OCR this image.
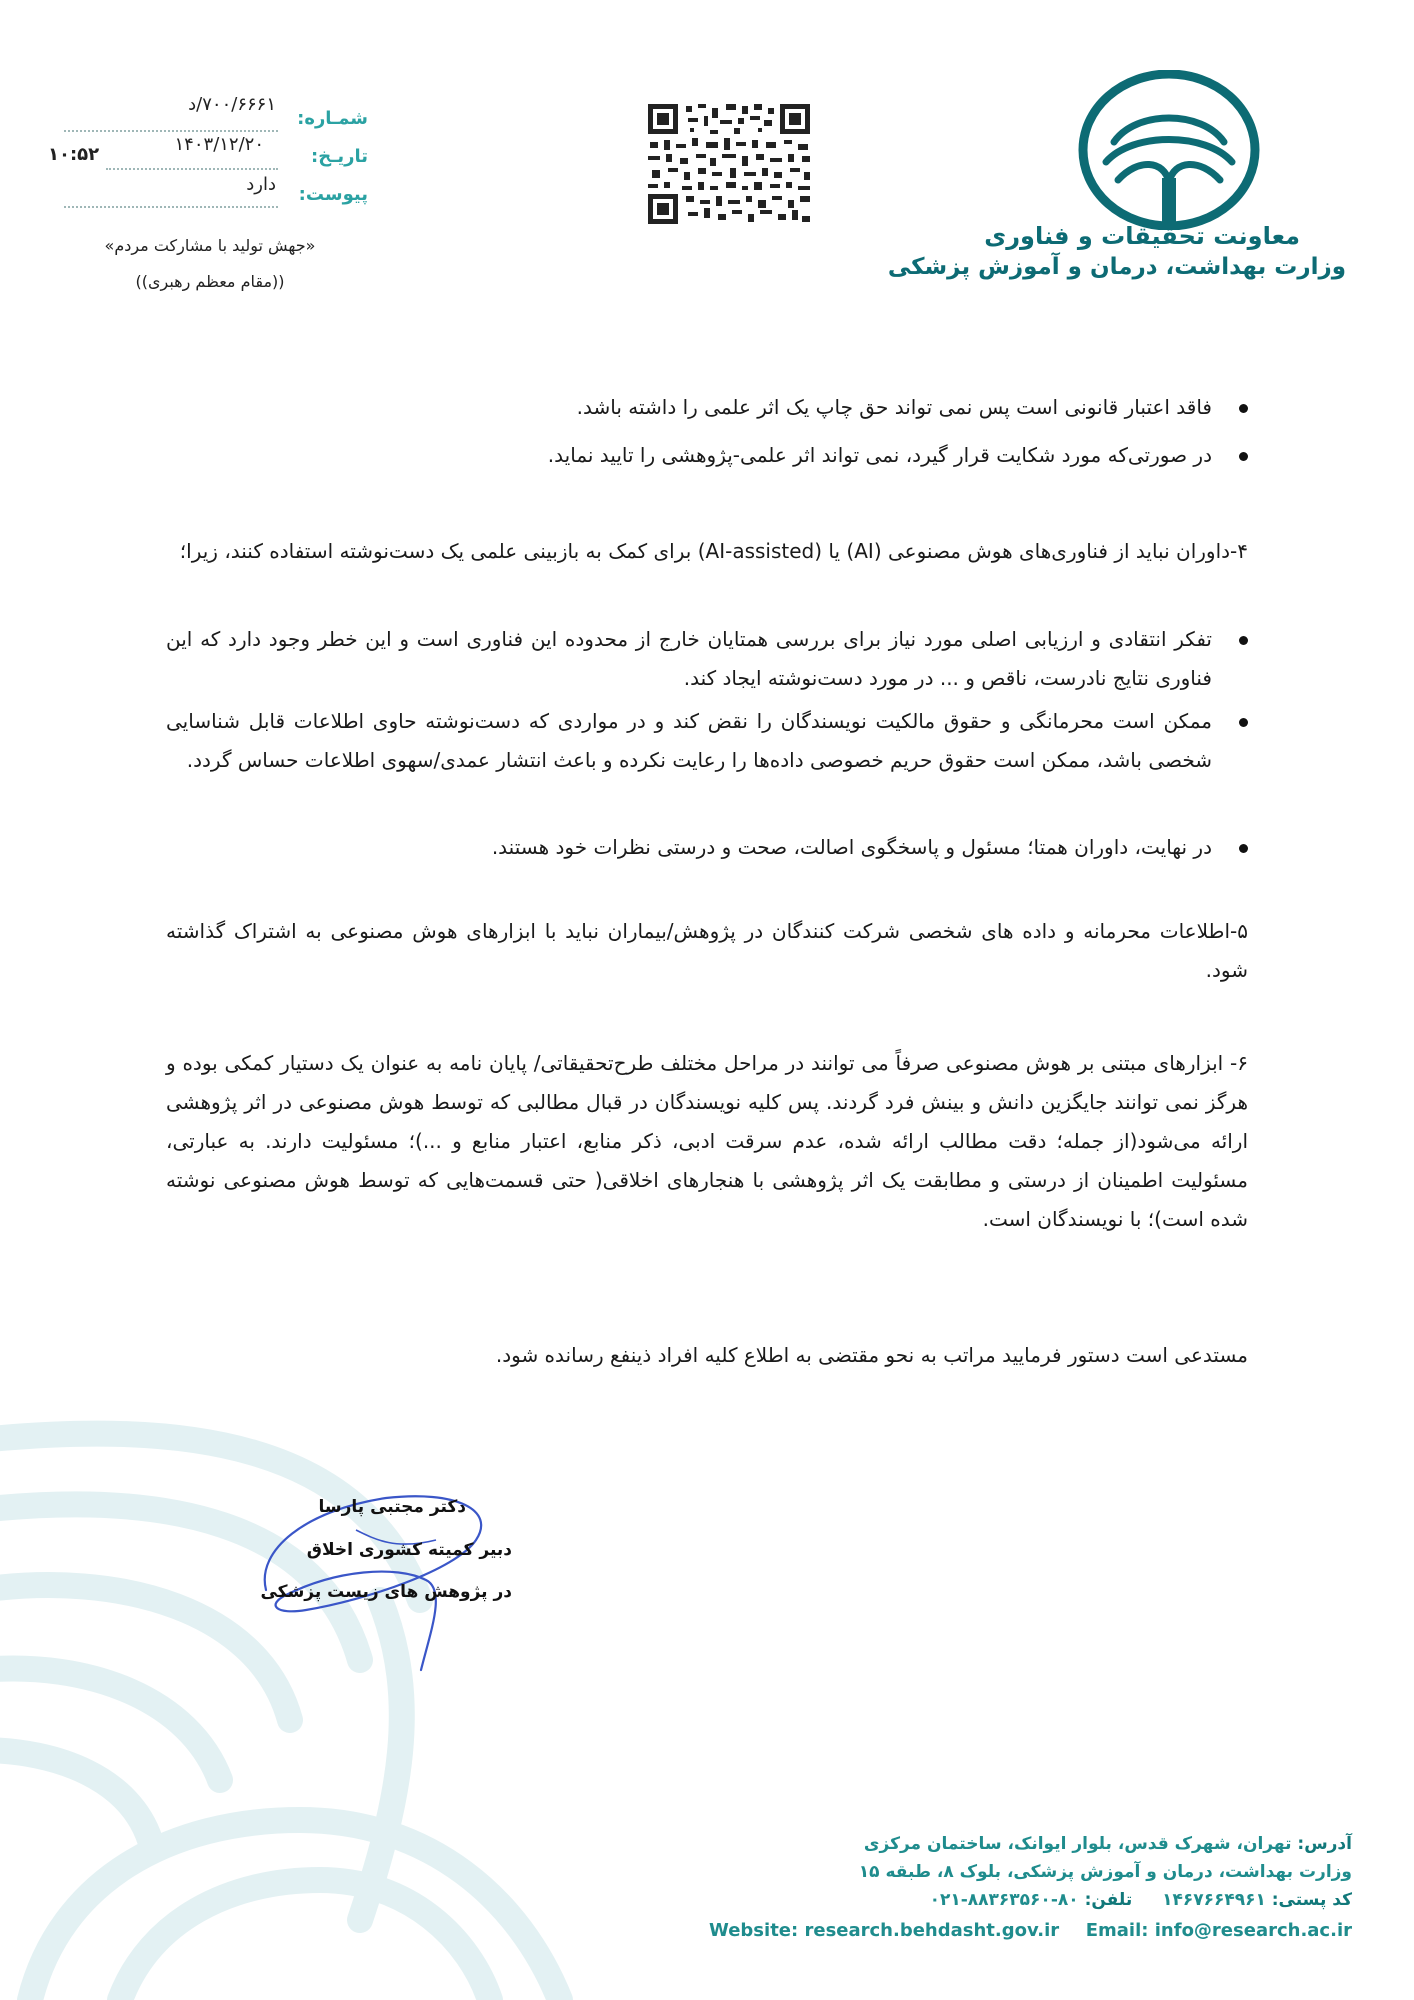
شمـاره:
۷۰۰/۶۶۶۱/د
تاریـخ:
۱۴۰۳/۱۲/۲۰
۱۰:۵۲
پیوست:
دارد
«جهش تولید با مشارکت مردم»
((مقام معظم رهبری))
معاونت تحقیقات و فناوری
وزارت بهداشت، درمان و آموزش پزشکی
فاقد اعتبار قانونی است پس نمی تواند حق چاپ یک اثر علمی را داشته باشد.
در صورتی‌که مورد شکایت قرار گیرد، نمی تواند اثر علمی-پژوهشی را تایید نماید.
۴-داوران نباید از فناوری‌های هوش مصنوعی (AI) یا (AI-assisted) برای کمک به بازبینی علمی یک دست‌نوشته استفاده کنند، زیرا؛
تفکر انتقادی و ارزیابی اصلی مورد نیاز برای بررسی همتایان خارج از محدوده این فناوری است و این خطر وجود دارد که این فناوری نتایج نادرست، ناقص و ... در مورد دست‌نوشته ایجاد کند.
ممکن است محرمانگی و حقوق مالکیت نویسندگان را نقض کند و در مواردی که دست‌نوشته حاوی اطلاعات قابل شناسایی شخصی باشد، ممکن است حقوق حریم خصوصی داده‌ها را رعایت نکرده و باعث انتشار عمدی/سهوی اطلاعات حساس گردد.
در نهایت، داوران همتا؛ مسئول و پاسخگوی اصالت، صحت و درستی نظرات خود هستند.
۵-اطلاعات محرمانه و داده های شخصی شرکت کنندگان در پژوهش/بیماران نباید با ابزارهای هوش مصنوعی به اشتراک گذاشته شود.
۶- ابزارهای مبتنی بر هوش مصنوعی صرفاً می توانند در مراحل مختلف طرح‌تحقیقاتی/ پایان نامه به عنوان یک دستیار کمکی بوده و هرگز نمی توانند جایگزین دانش و بینش فرد گردند. پس کلیه نویسندگان در قبال مطالبی که توسط هوش مصنوعی در اثر پژوهشی ارائه می‌شود(از جمله؛ دقت مطالب ارائه شده، عدم سرقت ادبی، ذکر منابع، اعتبار منابع و ...)؛ مسئولیت دارند. به عبارتی، مسئولیت اطمینان از درستی و مطابقت یک اثر پژوهشی با هنجارهای اخلاقی( حتی قسمت‌هایی که توسط هوش مصنوعی نوشته شده است)؛ با نویسندگان است.
مستدعی است دستور فرمایید مراتب به نحو مقتضی به اطلاع کلیه افراد ذینفع رسانده شود.
دکتر مجتبی پارسا
دبیر کمیته کشوری اخلاق
در پژوهش های زیست پزشکی
آدرس: تهران، شهرک قدس، بلوار ایوانک، ساختمان مرکزی
وزارت بهداشت، درمان و آموزش پزشکی، بلوک ۸، طبقه ۱۵
کد پستی: ۱۴۶۷۶۶۴۹۶۱  تلفن: ۸۰-۸۸۳۶۳۵۶۰-۰۲۱
Website: research.behdasht.gov.ir Email: info@research.ac.ir
